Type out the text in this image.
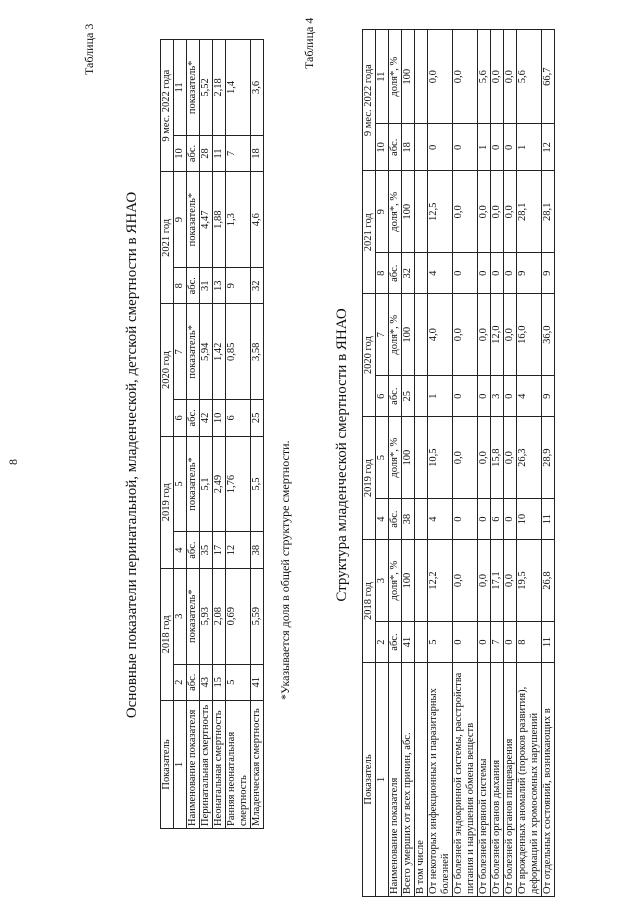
8
Таблица 3
Основные показатели перинатальной, младенческой, детской смертности в ЯНАО
Показатель	2018 год		2019 год		2020 год		2021 год		9 мес. 2022 года	
1	2	3	4	5	6	7	8	9	10	11
Наименование показателя	абс.	показатель*	абс.	показатель*	абс.	показатель*	абс.	показатель*	абс.	показатель*
Перинатальная смертность	43	5,93	35	5,1	42	5,94	31	4,47	28	5,52
Неонатальная смертность	15	2,08	17	2,49	10	1,42	13	1,88	11	2,18
Ранняя неонатальная смертность	5	0,69	12	1,76	6	0,85	9	1,3	7	1,4
Младенческая смертность	41	5,59	38	5,5	25	3,58	32	4,6	18	3,6
*Указывается доля в общей структуре смертности.
Таблица 4
Структура младенческой смертности в ЯНАО
Показатель	2018 год		2019 год		2020 год		2021 год		9 мес. 2022 года	
1	2	3	4	5	6	7	8	9	10	11
Наименование показателя	абс.	доля*, %	абс.	доля*, %	абс.	доля*, %	абс.	доля*, %	абс.	доля*, %
Всего умерших от всех причин, абс.	41	100	38	100	25	100	32	100	18	100
В том числе										
От некоторых инфекционных и паразитарных болезней	5	12,2	4	10,5	1	4,0	4	12,5	0	0,0
От болезней эндокринной системы, расстройства питания и нарушения обмена веществ	0	0,0	0	0,0	0	0,0	0	0,0	0	0,0
От болезней нервной системы	0	0,0	0	0,0	0	0,0	0	0,0	1	5,6
От болезней органов дыхания	7	17,1	6	15,8	3	12,0	0	0,0	0	0,0
От болезней органов пищеварения	0	0,0	0	0,0	0	0,0	0	0,0	0	0,0
От врожденных аномалий (пороков развития), деформаций и хромосомных нарушений	8	19,5	10	26,3	4	16,0	9	28,1	1	5,6
От отдельных состояний, возникающих в	11	26,8	11	28,9	9	36,0	9	28,1	12	66,7
